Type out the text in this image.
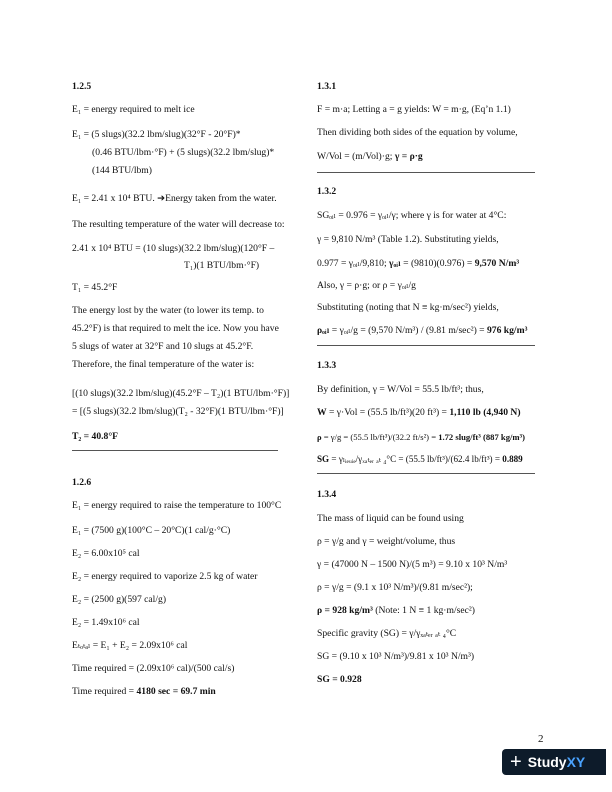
1.2.5
E₁ = energy required to melt ice
E₁ = (5 slugs)(32.2 lbm/slug)(32°F - 20°F)*
(0.46 BTU/lbm·°F) + (5 slugs)(32.2 lbm/slug)*
(144 BTU/lbm)
E₁ = 2.41 x 10⁴ BTU. ➔Energy taken from the water.
The resulting temperature of the water will decrease to:
2.41 x 10⁴ BTU = (10 slugs)(32.2 lbm/slug)(120°F –
T₁)(1 BTU/lbm·°F)
T₁ = 45.2°F
The energy lost by the water (to lower its temp. to
45.2°F) is that required to melt the ice. Now you have
5 slugs of water at 32°F and 10 slugs at 45.2°F.
Therefore, the final temperature of the water is:
[(10 slugs)(32.2 lbm/slug)(45.2°F – T₂)(1 BTU/lbm·°F)]
= [(5 slugs)(32.2 lbm/slug)(T₂ - 32°F)(1 BTU/lbm·°F)]
T₂ = 40.8°F
1.2.6
E₁ = energy required to raise the temperature to 100°C
E₁ = (7500 g)(100°C – 20°C)(1 cal/g·°C)
E₂ = 6.00x10⁵ cal
E₂ = energy required to vaporize 2.5 kg of water
E₂ = (2500 g)(597 cal/g)
E₂ = 1.49x10⁶ cal
Eₜₒₜₐₗ = E₁ + E₂ = 2.09x10⁶ cal
Time required = (2.09x10⁶ cal)/(500 cal/s)
Time required = 4180 sec = 69.7 min
1.3.1
F = m·a; Letting a = g yields: W = m·g, (Eq’n 1.1)
Then dividing both sides of the equation by volume,
W/Vol = (m/Vol)·g; γ = ρ·g
1.3.2
SGₒᵢₗ = 0.976 = γₒᵢₗ/γ; where γ is for water at 4°C:
γ = 9,810 N/m³ (Table 1.2). Substituting yields,
0.977 = γₒᵢₗ/9,810; γₒᵢₗ = (9810)(0.976) = 9,570 N/m³
Also, γ = ρ·g; or ρ = γₒᵢₗ/g
Substituting (noting that N ≡ kg·m/sec²) yields,
ρₒᵢₗ = γₒᵢₗ/g = (9,570 N/m³) / (9.81 m/sec²) = 976 kg/m³
1.3.3
By definition, γ = W/Vol = 55.5 lb/ft³; thus,
W = γ·Vol = (55.5 lb/ft³)(20 ft³) = 1,110 lb (4,940 N)
ρ = γ/g = (55.5 lb/ft³)/(32.2 ft/s²) = 1.72 slug/ft³ (887 kg/m³)
SG = γₗᵢₑᵤᵢₑ/γₓₐₜₑᵣ ₐₜ ₄°C = (55.5 lb/ft³)/(62.4 lb/ft³) = 0.889
1.3.4
The mass of liquid can be found using
ρ = γ/g and γ = weight/volume, thus
γ = (47000 N – 1500 N)/(5 m³) = 9.10 x 10³ N/m³
ρ = γ/g = (9.1 x 10³ N/m³)/(9.81 m/sec²);
ρ = 928 kg/m³ (Note: 1 N ≡ 1 kg·m/sec²)
Specific gravity (SG) = γ/γₓₐₜₑᵣ ₐₜ ₄°C
SG = (9.10 x 10³ N/m³)/9.81 x 10³ N/m³)
SG = 0.928
2
+ Study XY
